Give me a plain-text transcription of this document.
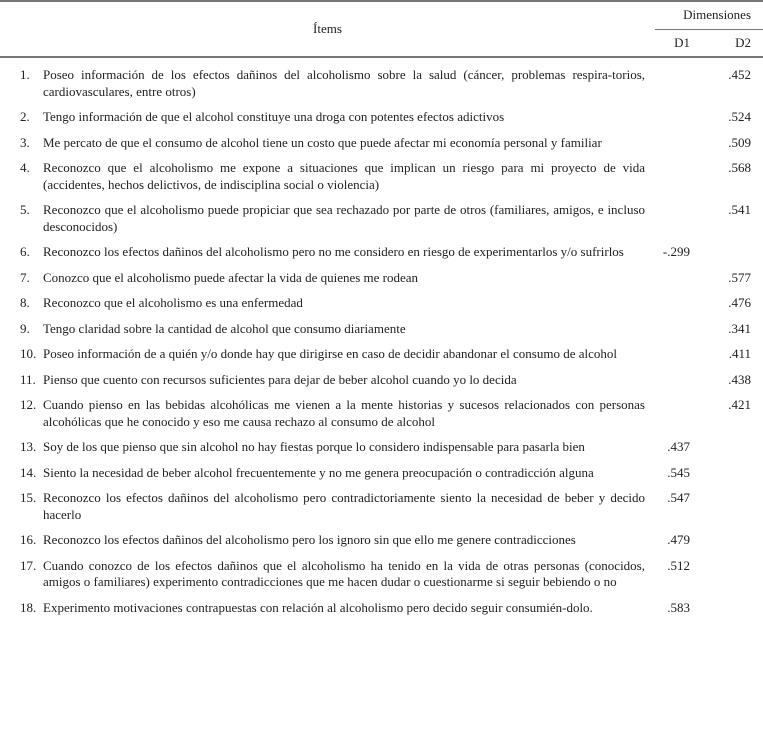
Ítems	Dimensiones	
	D1	D2

1. Poseo información de los efectos dañinos del alcoholismo sobre la salud (cáncer, problemas respira-torios, cardiovasculares, entre otros)		.452

2. Tengo información de que el alcohol constituye una droga con potentes efectos adictivos		.524

3. Me percato de que el consumo de alcohol tiene un costo que puede afectar mi economía personal y familiar		.509

4. Reconozco que el alcoholismo me expone a situaciones que implican un riesgo para mi proyecto de vida (accidentes, hechos delictivos, de indisciplina social o violencia)		.568

5. Reconozco que el alcoholismo puede propiciar que sea rechazado por parte de otros (familiares, amigos, e incluso desconocidos)		.541

6. Reconozco los efectos dañinos del alcoholismo pero no me considero en riesgo de experimentarlos y/o sufrirlos	-.299	

7. Conozco que el alcoholismo puede afectar la vida de quienes me rodean		.577

8. Reconozco que el alcoholismo es una enfermedad		.476

9. Tengo claridad sobre la cantidad de alcohol que consumo diariamente		.341

10. Poseo información de a quién y/o donde hay que dirigirse en caso de decidir abandonar el consumo de alcohol		.411

11. Pienso que cuento con recursos suficientes para dejar de beber alcohol cuando yo lo decida		.438

12. Cuando pienso en las bebidas alcohólicas me vienen a la mente historias y sucesos relacionados con personas alcohólicas que he conocido y eso me causa rechazo al consumo de alcohol		.421

13. Soy de los que pienso que sin alcohol no hay fiestas porque lo considero indispensable para pasarla bien	.437	

14. Siento la necesidad de beber alcohol frecuentemente y no me genera preocupación o contradicción alguna	.545	

15. Reconozco los efectos dañinos del alcoholismo pero contradictoriamente siento la necesidad de beber y decido hacerlo	.547	

16. Reconozco los efectos dañinos del alcoholismo pero los ignoro sin que ello me genere contradicciones	.479	

17. Cuando conozco de los efectos dañinos que el alcoholismo ha tenido en la vida de otras personas (conocidos, amigos o familiares) experimento contradicciones que me hacen dudar o cuestionarme si seguir bebiendo o no	.512	

18. Experimento motivaciones contrapuestas con relación al alcoholismo pero decido seguir consumién-dolo.	.583	
